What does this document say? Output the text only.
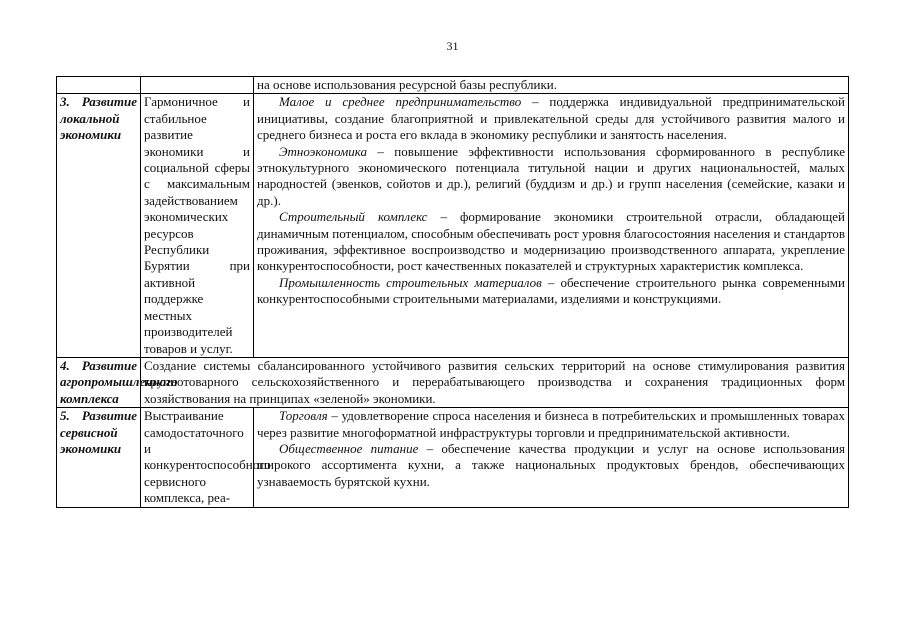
31

		на основе использования ресурсной базы республики.

3. Развитие локальной экономики	Гармоничное и стабильное развитие экономики и социальной сферы с максимальным задействованием экономических ресурсов Республики Бурятии при активной поддержке местных производителей товаров и услуг.	Малое и среднее предпринимательство – поддержка индивидуальной предпринимательской инициативы, создание благоприятной и привлекательной среды для устойчивого развития малого и среднего бизнеса и роста его вклада в экономику республики и занятость населения.

Этноэкономика – повышение эффективности использования сформированного в республике этнокультурного экономического потенциала титульной нации и других национальностей, малых народностей (эвенков, сойотов и др.), религий (буддизм и др.) и групп населения (семейские, казаки и др.).

Строительный комплекс – формирование экономики строительной отрасли, обладающей динамичным потенциалом, способным обеспечивать рост уровня благосостояния населения и стандартов проживания, эффективное воспроизводство и модернизацию производственного аппарата, укрепление конкурентоспособности, рост качественных показателей и структурных характеристик комплекса.

Промышленность строительных материалов – обеспечение строительного рынка современными конкурентоспособными строительными материалами, изделиями и конструкциями.

4. Развитие агропромышленного комплекса	Создание системы сбалансированного устойчивого развития сельских территорий на основе стимулирования развития крупнотоварного сельскохозяйственного и перерабатывающего производства и сохранения традиционных форм хозяйствования на принципах «зеленой» экономики.	
5. Развитие сервисной экономики	Выстраивание самодостаточного и конкурентоспособного сервисного комплекса, реа-	Торговля – удовлетворение спроса населения и бизнеса в потребительских и промышленных товарах через развитие многоформатной инфраструктуры торговли и предпринимательской активности.

Общественное питание – обеспечение качества продукции и услуг на основе использования широкого ассортимента кухни, а также национальных продуктовых брендов, обеспечивающих узнаваемость бурятской кухни.
